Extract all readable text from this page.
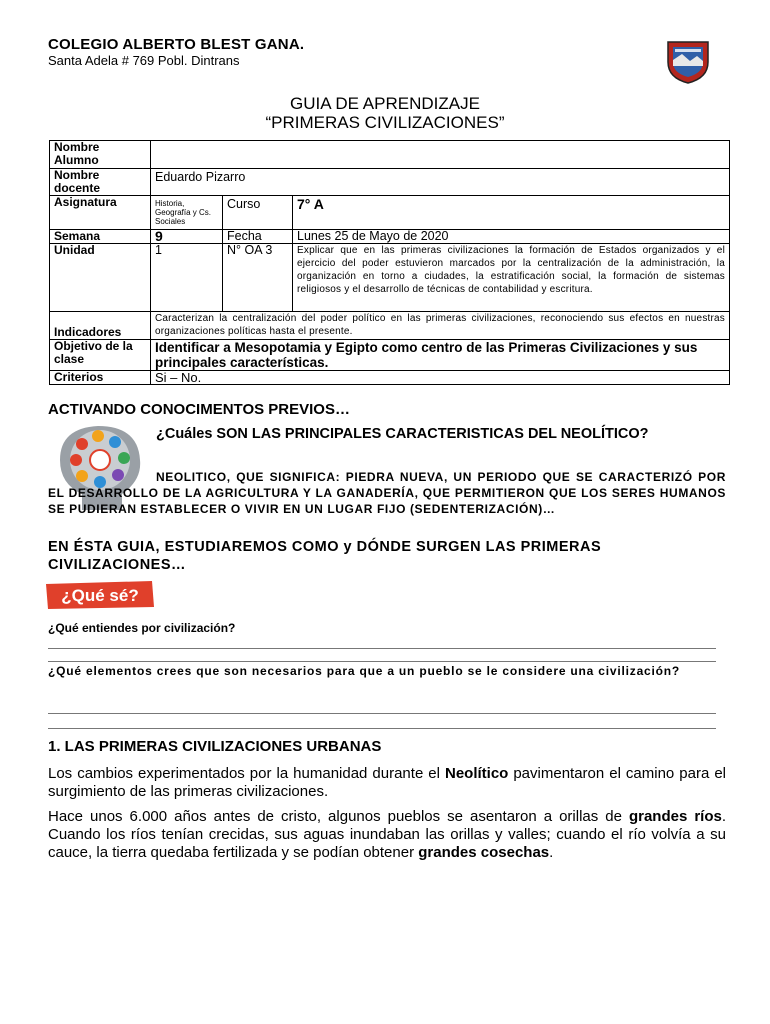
COLEGIO ALBERTO BLEST GANA.
Santa Adela # 769 Pobl. Dintrans
GUIA DE APRENDIZAJE
“PRIMERAS CIVILIZACIONES”
Nombre Alumno			
Nombre docente	Eduardo Pizarro		
Asignatura	Historia, Geografía y Cs. Sociales	Curso	7° A
Semana	9	Fecha	Lunes 25 de Mayo de 2020
Unidad	1	N° OA 3	Explicar que en las primeras civilizaciones la formación de Estados organizados y el ejercicio del poder estuvieron marcados por la centralización de la administración, la organización en torno a ciudades, la estratificación social, la formación de sistemas religiosos y el desarrollo de técnicas de contabilidad y escritura.
Indicadores	Caracterizan la centralización del poder político en las primeras civilizaciones, reconociendo sus efectos en nuestras organizaciones políticas hasta el presente.		
Objetivo de la clase	Identificar a Mesopotamia y Egipto como centro de las Primeras Civilizaciones y sus principales características.		
Criterios	Si – No.		
ACTIVANDO CONOCIMENTOS PREVIOS…
¿Cuáles SON LAS PRINCIPALES CARACTERISTICAS DEL NEOLÍTICO?
NEOLITICO, QUE SIGNIFICA: PIEDRA NUEVA, UN PERIODO QUE SE CARACTERIZÓ POR EL DESARROLLO DE LA AGRICULTURA Y LA GANADERÍA, QUE PERMITIERON QUE LOS SERES HUMANOS SE PUDIERAN ESTABLECER O VIVIR EN UN LUGAR FIJO (SEDENTERIZACIÓN)…
EN ÉSTA GUIA, ESTUDIAREMOS COMO y DÓNDE SURGEN LAS PRIMERAS CIVILIZACIONES…
¿Qué sé?
¿Qué entiendes por civilización?
¿Qué elementos crees que son necesarios para que a un pueblo se le considere una civilización?
1. LAS PRIMERAS CIVILIZACIONES URBANAS
Los cambios experimentados por la humanidad durante el Neolítico pavimentaron el camino para el surgimiento de las primeras civilizaciones.
Hace unos 6.000 años antes de cristo, algunos pueblos se asentaron a orillas de grandes ríos. Cuando los ríos tenían crecidas, sus aguas inundaban las orillas y valles; cuando el río volvía a su cauce, la tierra quedaba fertilizada y se podían obtener grandes cosechas.
